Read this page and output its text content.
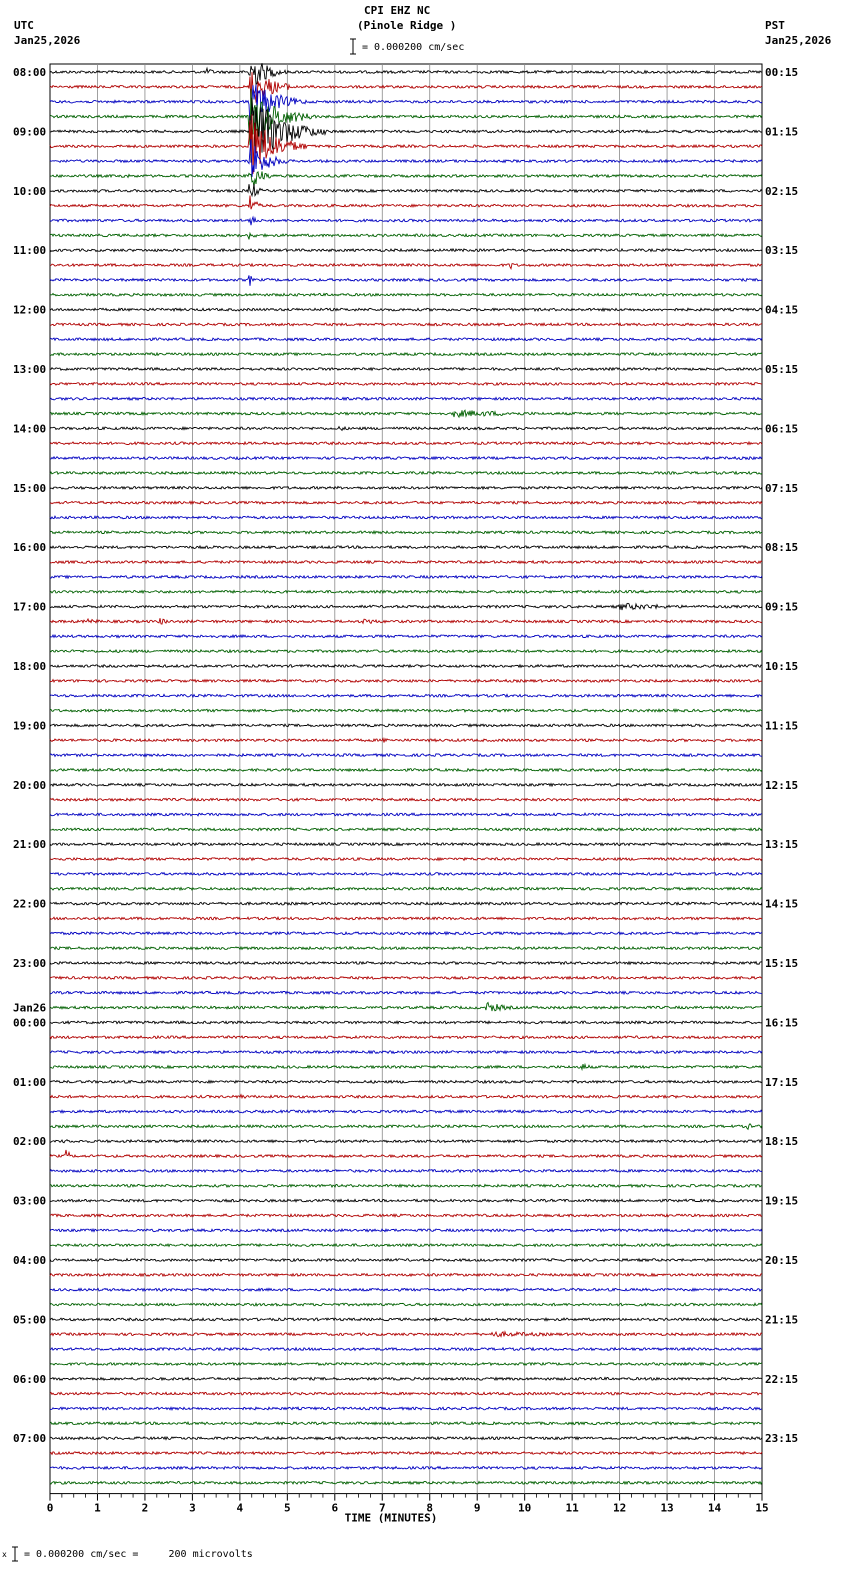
CPI EHZ NC
(Pinole Ridge )
UTC
Jan25,2026
PST
Jan25,2026
= 0.000200 cm/sec
08:00	00:15
09:00	01:15
10:00	02:15
11:00	03:15
12:00	04:15
13:00	05:15
14:00	06:15
15:00	07:15
16:00	08:15
17:00	09:15
18:00	10:15
19:00	11:15
20:00	12:15
21:00	13:15
22:00	14:15
23:00	15:15
00:00	16:15
01:00	17:15
02:00	18:15
03:00	19:15
04:00	20:15
05:00	21:15
06:00	22:15
07:00	23:15
Jan26
0	1	2	3	4	5	6	7	8	9	10	11	12	13	14	15
TIME (MINUTES)
x = 0.000200 cm/sec =     200 microvolts
